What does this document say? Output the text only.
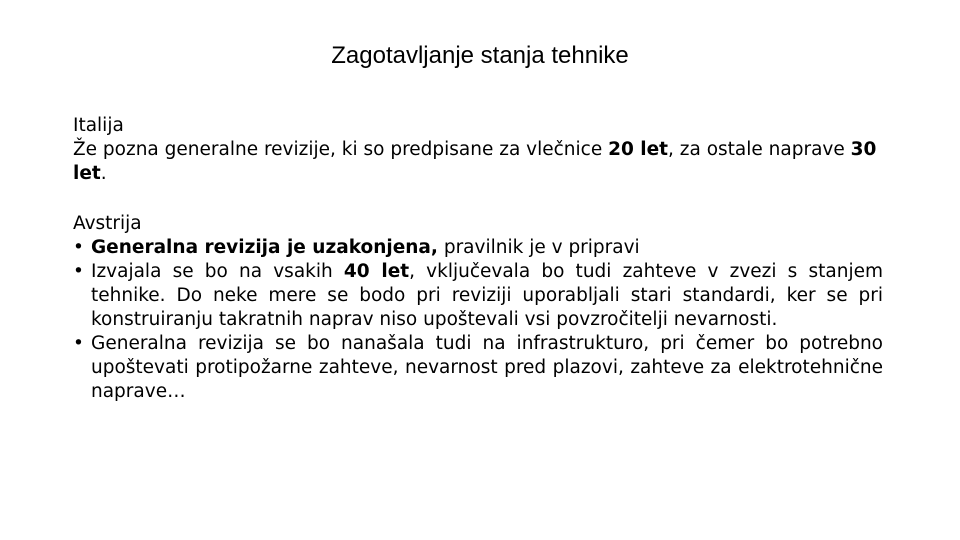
Zagotavljanje stanja tehnike

Italija

Že pozna generalne revizije, ki so predpisane za vlečnice 20 let, za ostale naprave 30 let.

Avstrija

• Generalna revizija je uzakonjena, pravilnik je v pripravi
• Izvajala se bo na vsakih 40 let, vključevala bo tudi zahteve v zvezi s stanjem tehnike. Do neke mere se bodo pri reviziji uporabljali stari standardi, ker se pri konstruiranju takratnih naprav niso upoštevali vsi povzročitelji nevarnosti.
• Generalna revizija se bo nanašala tudi na infrastrukturo, pri čemer bo potrebno upoštevati protipožarne zahteve, nevarnost pred plazovi, zahteve za elektrotehnične naprave…
